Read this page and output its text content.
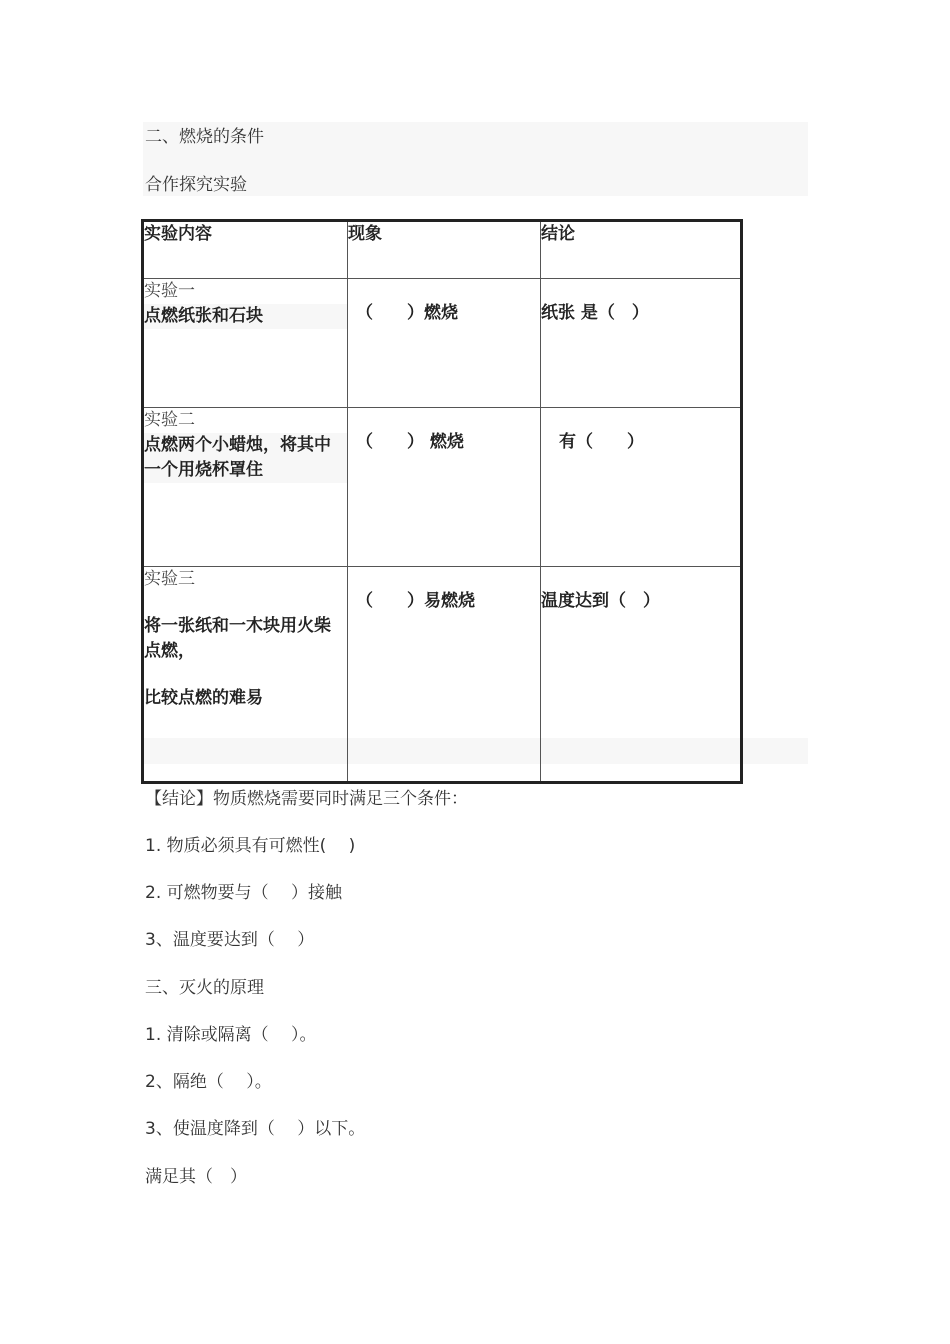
二、燃烧的条件
合作探究实验
实验内容	现象	结论

实验一
点燃纸张和石块	（　　）燃烧	纸张 是（　）

实验二
点燃两个小蜡烛，将其中一个用烧杯罩住	（　　） 燃烧	有（　　）

实验三
将一张纸和一木块用火柴点燃，
比较点燃的难易	（　　）易燃烧	温度达到（　）
【结论】物质燃烧需要同时满足三个条件：
1. 物质必须具有可燃性(　 )
2. 可燃物要与（　 ）接触
3、温度要达到（　 ）
三、灭火的原理
1. 清除或隔离（　 ）。
2、隔绝（　 ）。
3、使温度降到（　 ）以下。
满足其（　）
